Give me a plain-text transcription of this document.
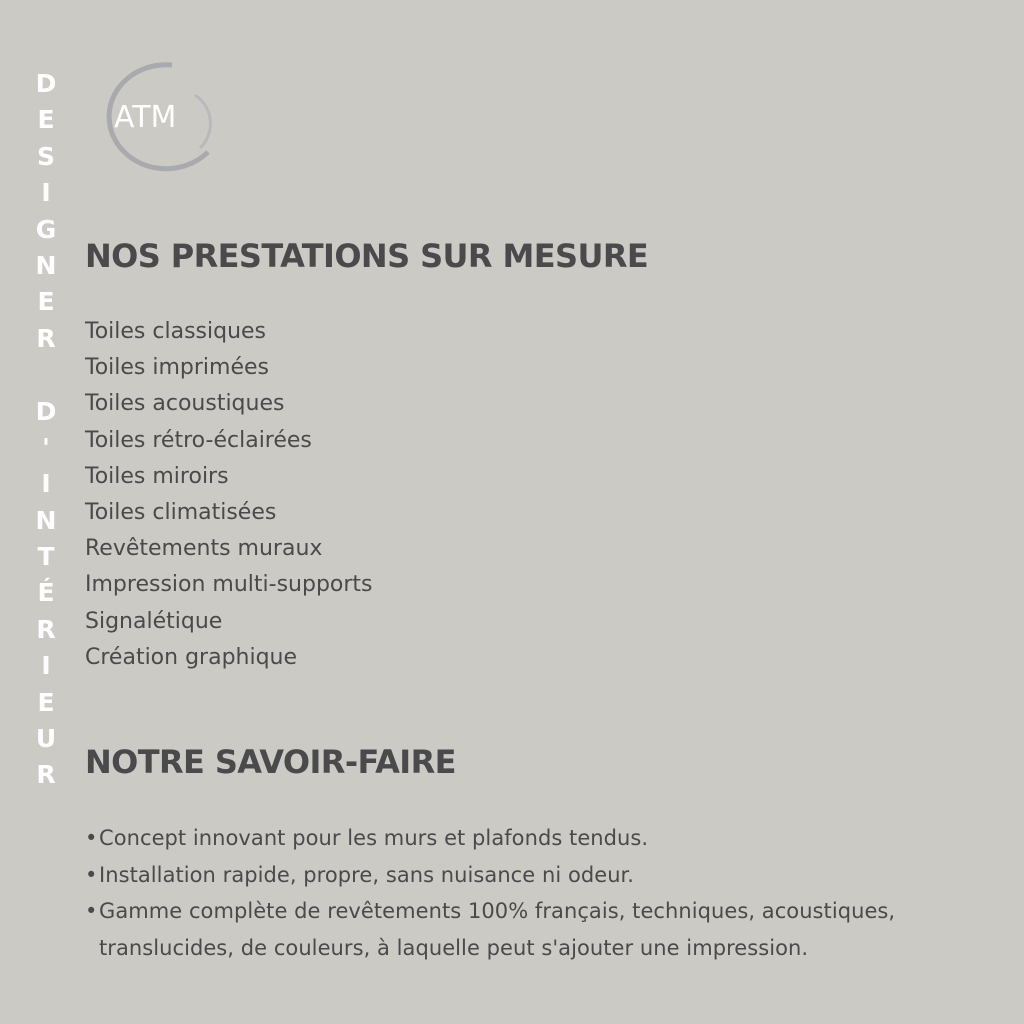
D
E
S
I
G
N
E
R
D
'
I
N
T
É
R
I
E
U
R
ATM
NOS PRESTATIONS SUR MESURE
Toiles classiques
Toiles imprimées
Toiles acoustiques
Toiles rétro-éclairées
Toiles miroirs
Toiles climatisées
Revêtements muraux
Impression multi-supports
Signalétique
Création graphique
NOTRE SAVOIR-FAIRE
•Concept innovant pour les murs et plafonds tendus.
•Installation rapide, propre, sans nuisance ni odeur.
•Gamme complète de revêtements 100% français, techniques, acoustiques, translucides, de couleurs, à laquelle peut s'ajouter une impression.
